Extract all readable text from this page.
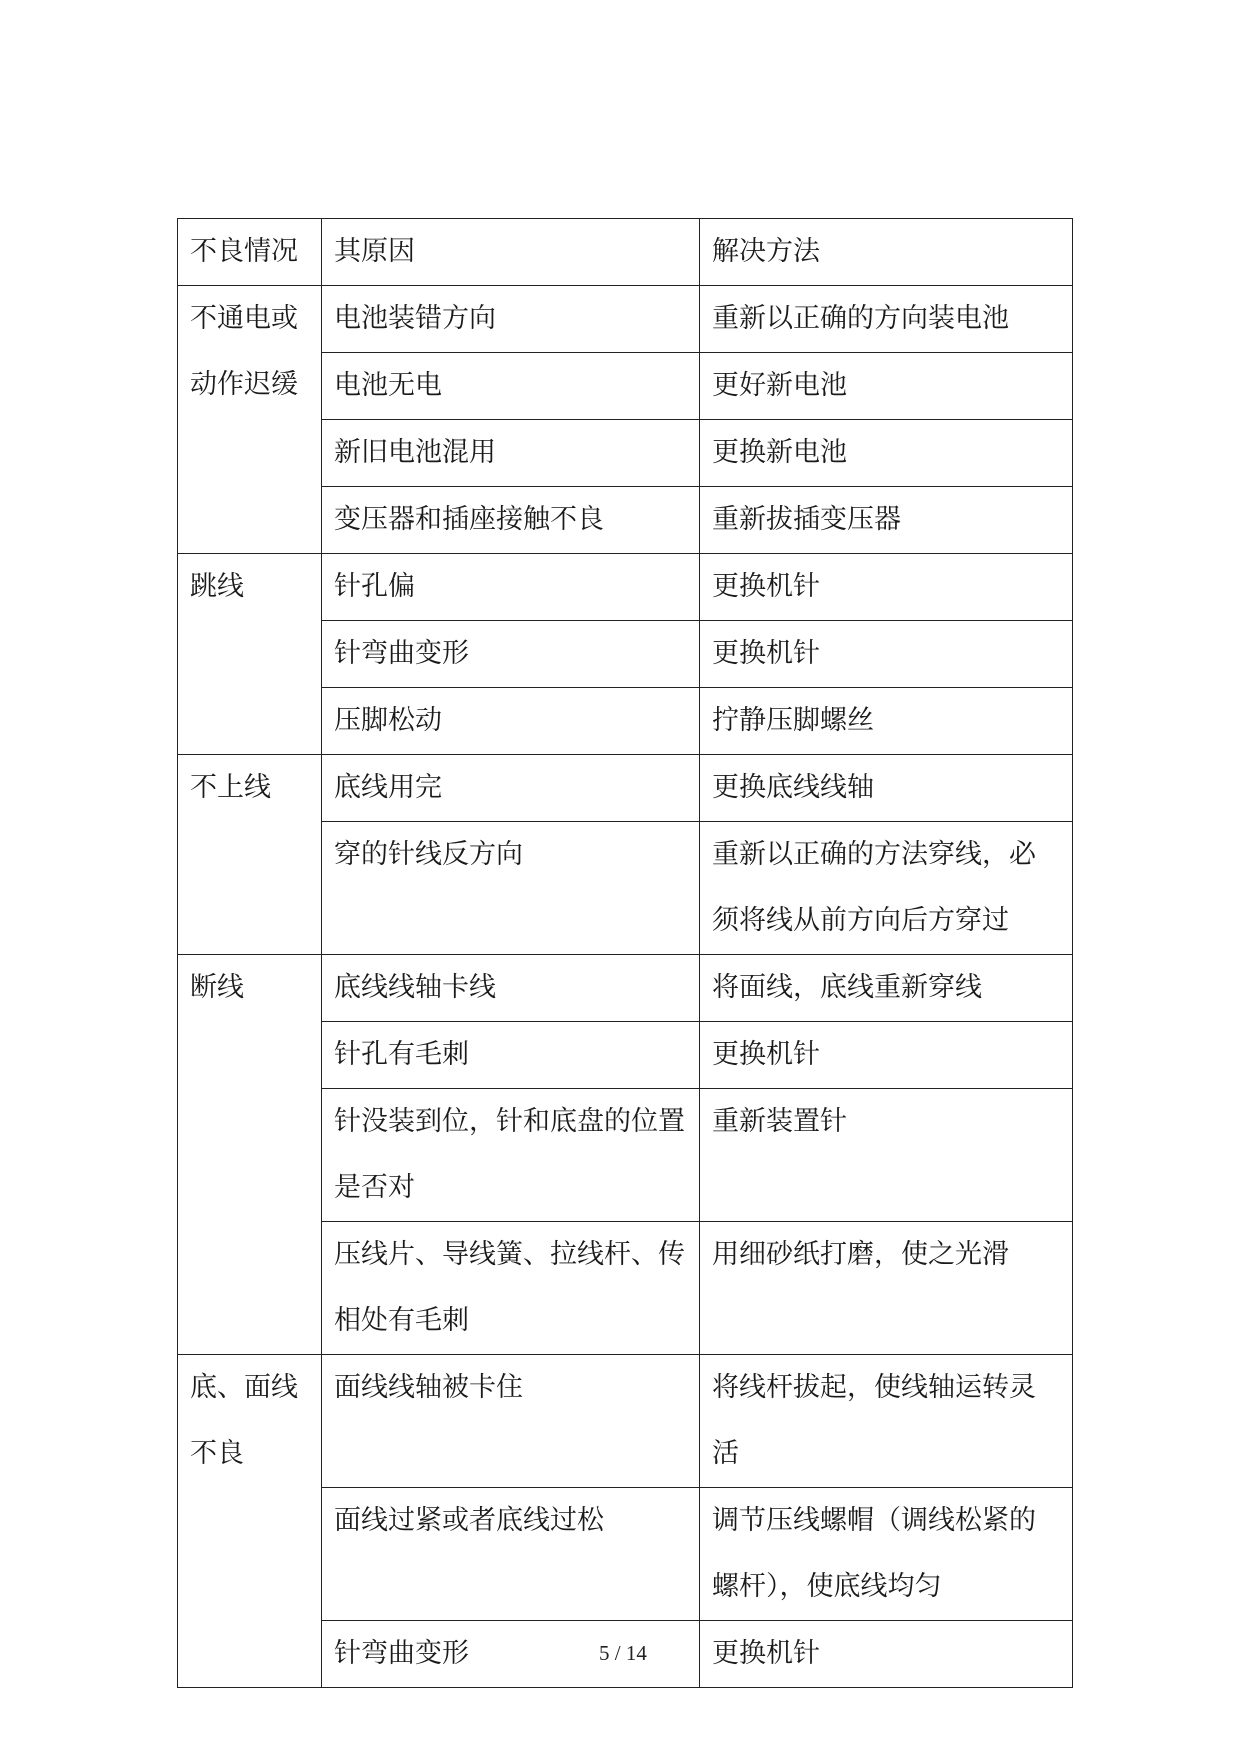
不良情况	其原因	解决方法
不通电或动作迟缓	电池装错方向	重新以正确的方向装电池
	电池无电	更好新电池
	新旧电池混用	更换新电池
	变压器和插座接触不良	重新拔插变压器
跳线	针孔偏	更换机针
	针弯曲变形	更换机针
	压脚松动	拧静压脚螺丝
不上线	底线用完	更换底线线轴
	穿的针线反方向	重新以正确的方法穿线，必须将线从前方向后方穿过
断线	底线线轴卡线	将面线，底线重新穿线
	针孔有毛刺	更换机针
	针没装到位，针和底盘的位置是否对	重新装置针
	压线片、导线簧、拉线杆、传相处有毛刺	用细砂纸打磨，使之光滑
底、面线不良	面线线轴被卡住	将线杆拔起，使线轴运转灵活
	面线过紧或者底线过松	调节压线螺帽（调线松紧的螺杆），使底线均匀
	针弯曲变形	更换机针
5 / 14
